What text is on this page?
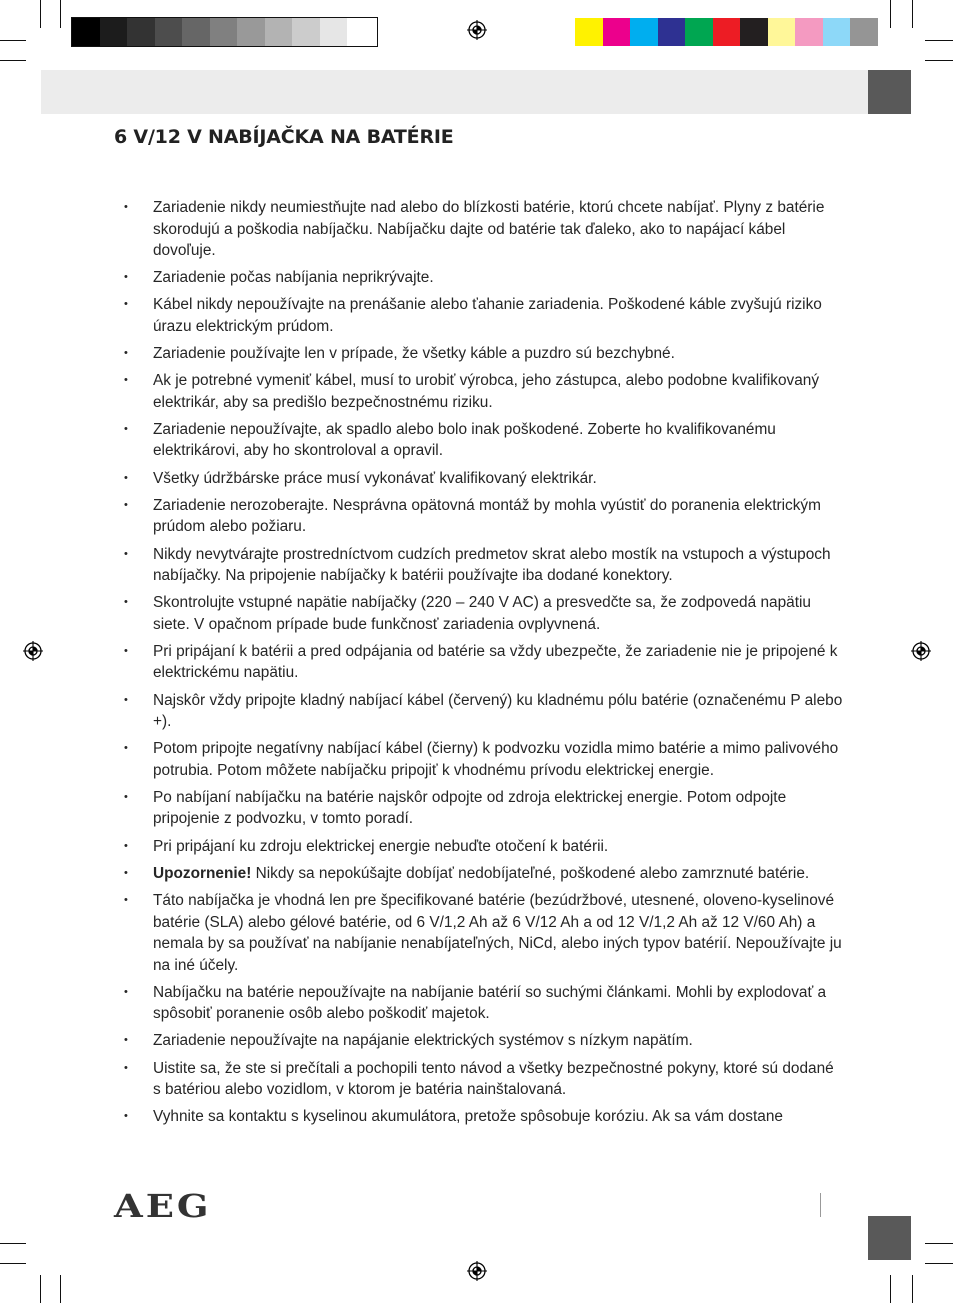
6 V/12 V NABÍJAČKA NA BATÉRIE
• Zariadenie nikdy neumiestňujte nad alebo do blízkosti batérie, ktorú chcete nabíjať. Plyny z batérie skorodujú a poškodia nabíjačku. Nabíjačku dajte od batérie tak ďaleko, ako to napájací kábel dovoľuje.
• Zariadenie počas nabíjania neprikrývajte.
• Kábel nikdy nepoužívajte na prenášanie alebo ťahanie zariadenia. Poškodené káble zvyšujú riziko úrazu elektrickým prúdom.
• Zariadenie používajte len v prípade, že všetky káble a puzdro sú bezchybné.
• Ak je potrebné vymeniť kábel, musí to urobiť výrobca, jeho zástupca, alebo podobne kvalifikovaný elektrikár, aby sa predišlo bezpečnostnému riziku.
• Zariadenie nepoužívajte, ak spadlo alebo bolo inak poškodené. Zoberte ho kvalifikovanému elektrikárovi, aby ho skontroloval a opravil.
• Všetky údržbárske práce musí vykonávať kvalifikovaný elektrikár.
• Zariadenie nerozoberajte. Nesprávna opätovná montáž by mohla vyústiť do poranenia elektrickým prúdom alebo požiaru.
• Nikdy nevytvárajte prostredníctvom cudzích predmetov skrat alebo mostík na vstupoch a výstupoch nabíjačky. Na pripojenie nabíjačky k batérii používajte iba dodané konektory.
• Skontrolujte vstupné napätie nabíjačky (220 – 240 V AC) a presvedčte sa, že zodpovedá napätiu siete. V opačnom prípade bude funkčnosť zariadenia ovplyvnená.
• Pri pripájaní k batérii a pred odpájania od batérie sa vždy ubezpečte, že zariadenie nie je pripojené k elektrickému napätiu.
• Najskôr vždy pripojte kladný nabíjací kábel (červený) ku kladnému pólu batérie (označenému P alebo +).
• Potom pripojte negatívny nabíjací kábel (čierny) k podvozku vozidla mimo batérie a mimo palivového potrubia. Potom môžete nabíjačku pripojiť k vhodnému prívodu elektrickej energie.
• Po nabíjaní nabíjačku na batérie najskôr odpojte od zdroja elektrickej energie. Potom odpojte pripojenie z podvozku, v tomto poradí.
• Pri pripájaní ku zdroju elektrickej energie nebuďte otočení k batérii.
• Upozornenie! Nikdy sa nepokúšajte dobíjať nedobíjateľné, poškodené alebo zamrznuté batérie.
• Táto nabíjačka je vhodná len pre špecifikované batérie (bezúdržbové, utesnené, oloveno-kyselinové batérie (SLA) alebo gélové batérie, od 6 V/1,2 Ah až 6 V/12 Ah a od 12 V/1,2 Ah až 12 V/60 Ah) a nemala by sa používať na nabíjanie nenabíjateľných, NiCd, alebo iných typov batérií. Nepoužívajte ju na iné účely.
• Nabíjačku na batérie nepoužívajte na nabíjanie batérií so suchými článkami. Mohli by explodovať a spôsobiť poranenie osôb alebo poškodiť majetok.
• Zariadenie nepoužívajte na napájanie elektrických systémov s nízkym napätím.
• Uistite sa, že ste si prečítali a pochopili tento návod a všetky bezpečnostné pokyny, ktoré sú dodané s batériou alebo vozidlom, v ktorom je batéria nainštalovaná.
• Vyhnite sa kontaktu s kyselinou akumulátora, pretože spôsobuje koróziu. Ak sa vám dostane
AEG
